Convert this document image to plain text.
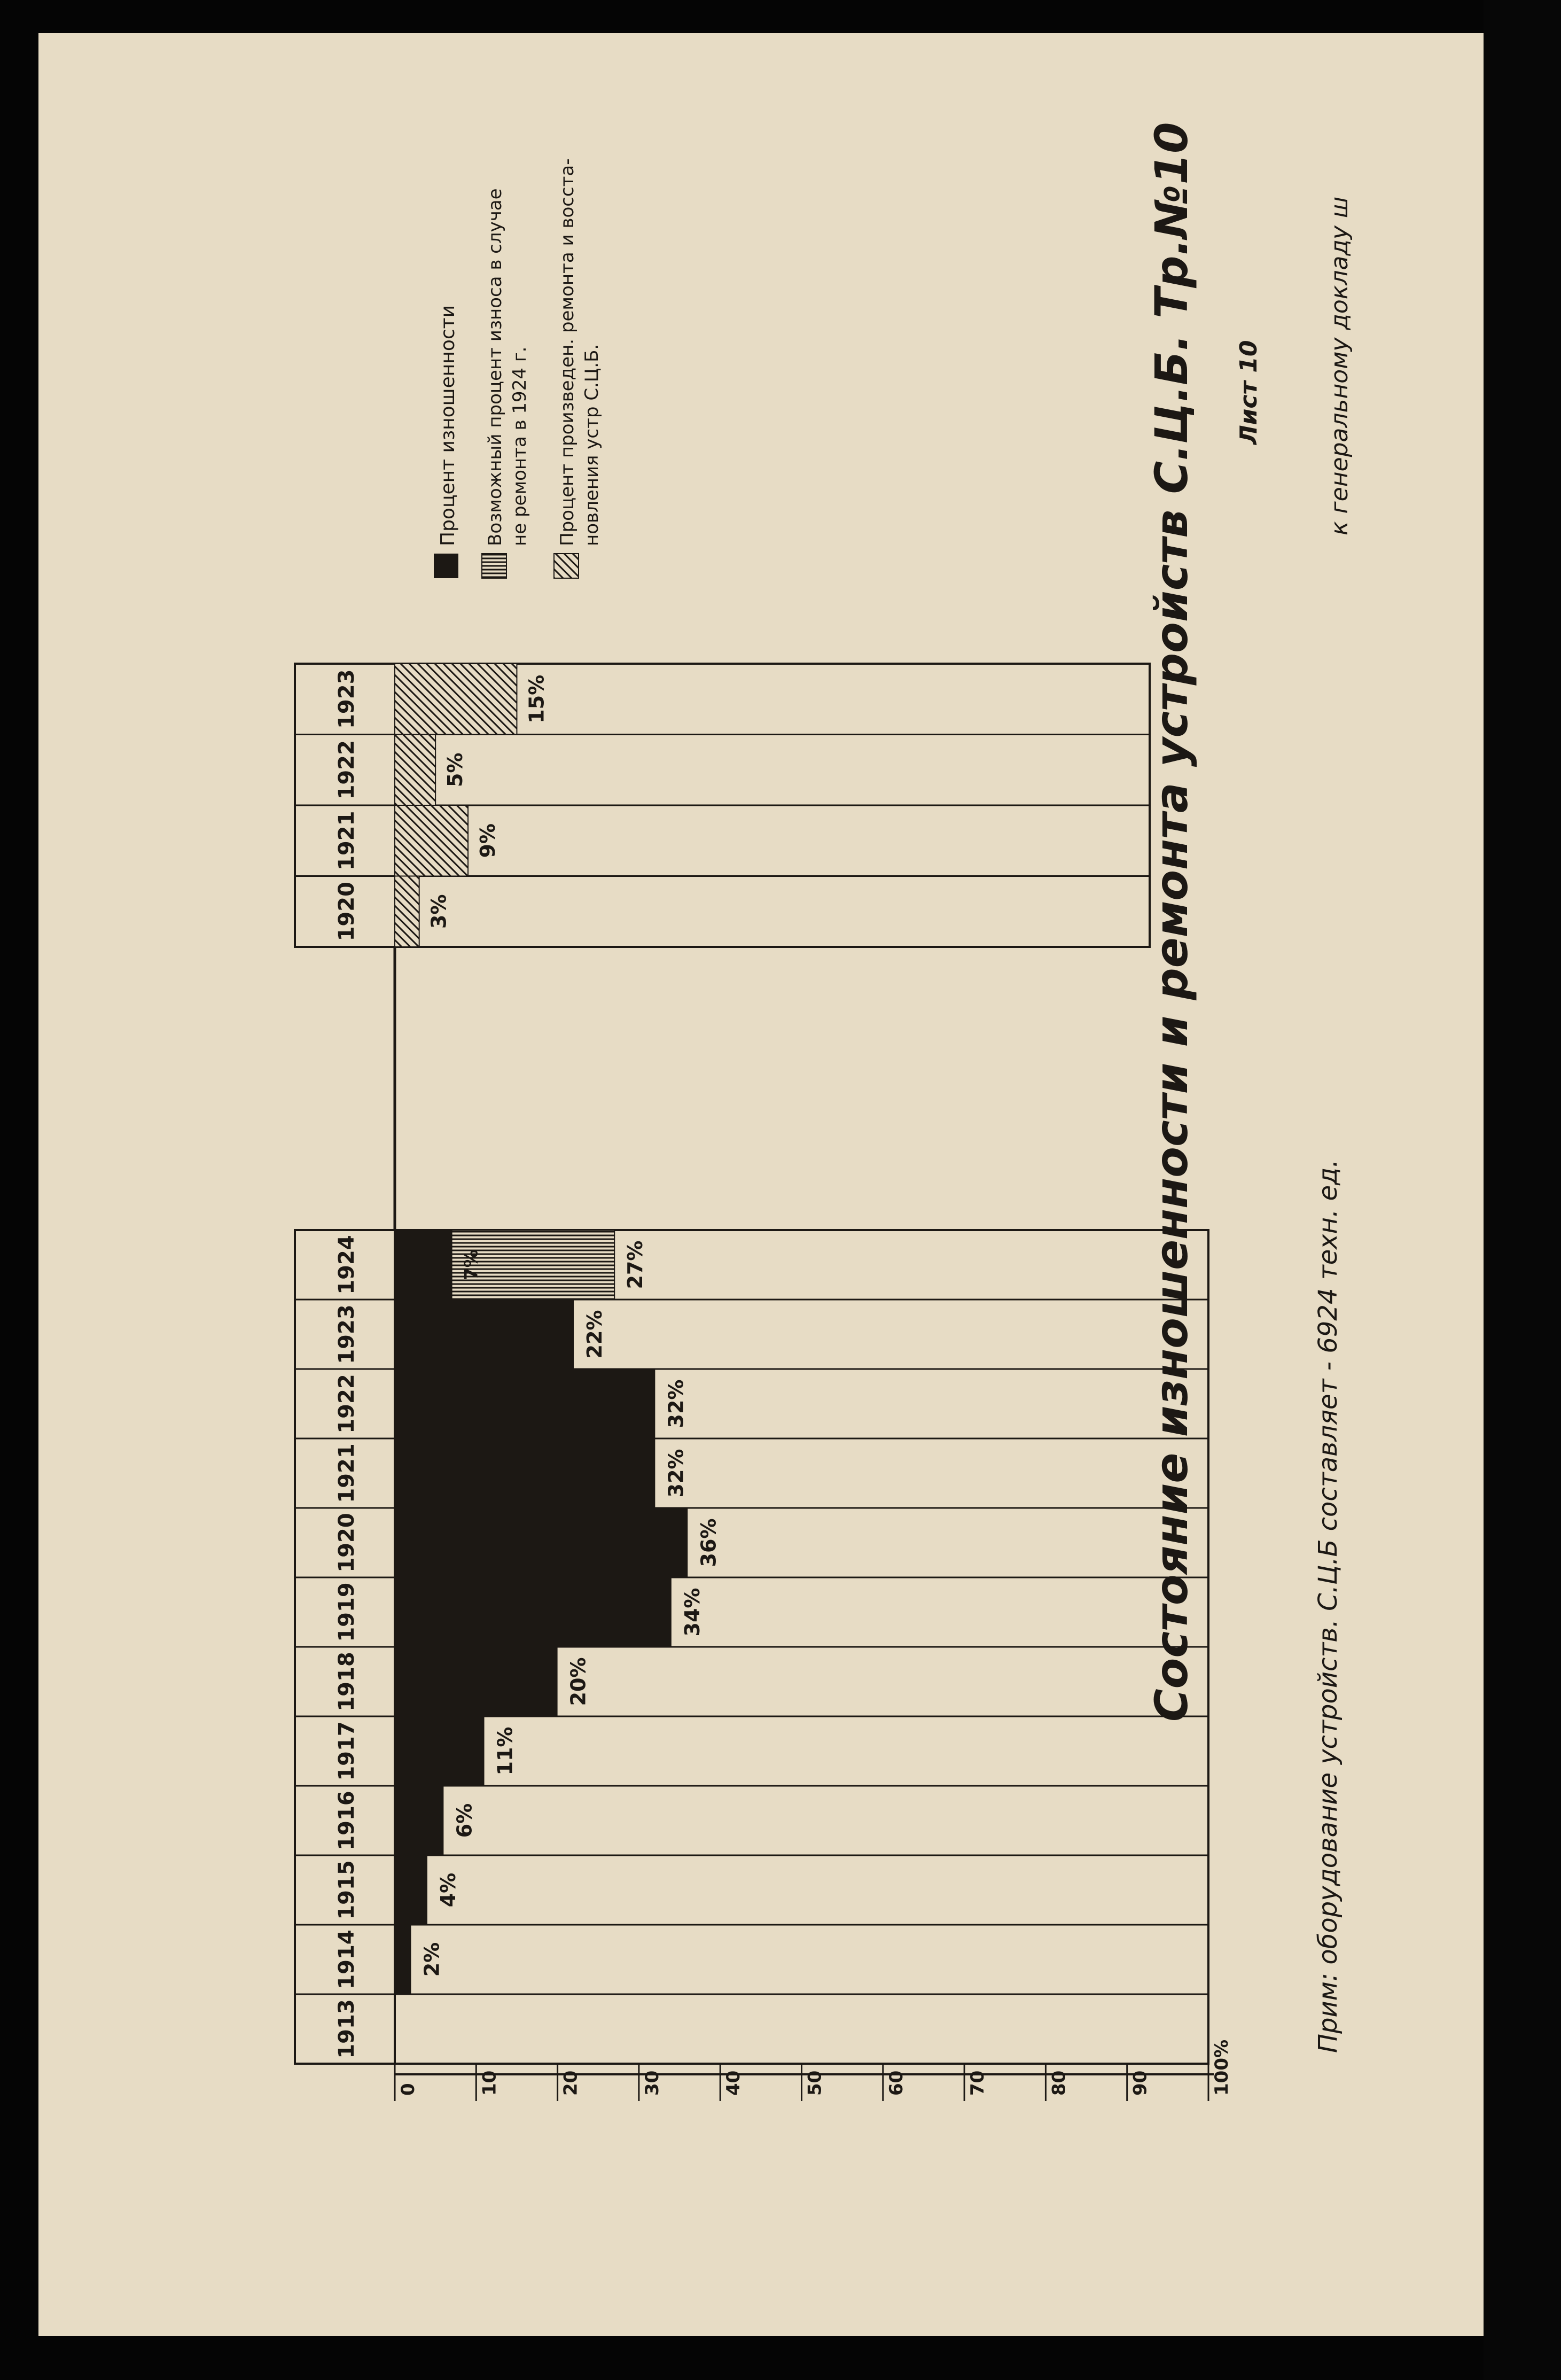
Состояние изношенности и ремонта устройств С.Ц.Б. Тр.№10	к генеральному докладу ш
Лист 10
0	10	20	30	40	50	60	70	80	90	100%
1913
1914
1915
1916
1917
1918
1919
1920
1921
1922
1923
1924
2%
4%
6%
11%
20%
34%
36%
32%
32%
22%
27%
7%
1920
1921
1922
1923
3%
9%
5%
15%
Процент изношенности Возможный процент износа в случае не ремонта в 1924 г. Процент произведен. ремонта и восста- новления устр С.Ц.Б.
Прим: оборудование устройств. С.Ц.Б составляет - 6924 техн. ед.
